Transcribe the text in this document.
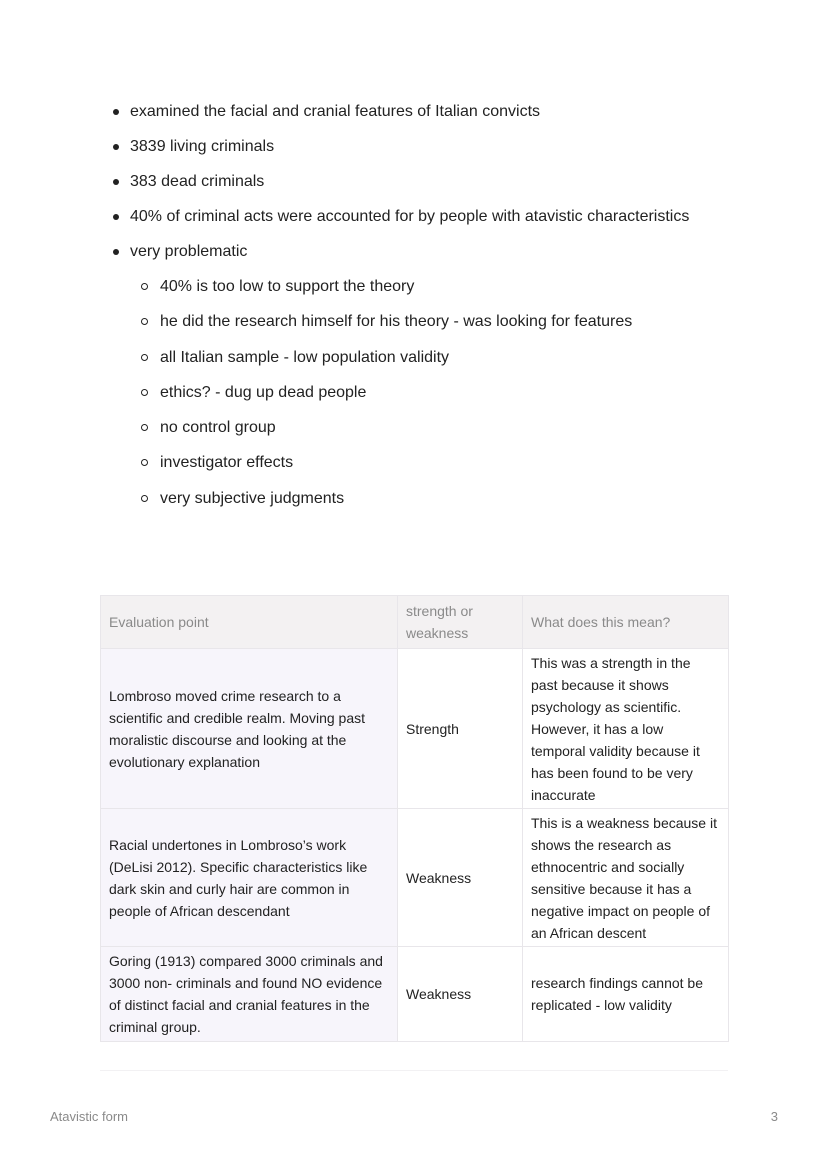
examined the facial and cranial features of Italian convicts
3839 living criminals
383 dead criminals
40% of criminal acts were accounted for by people with atavistic characteristics
very problematic
40% is too low to support the theory
he did the research himself for his theory - was looking for features
all Italian sample - low population validity
ethics? - dug up dead people
no control group
investigator effects
very subjective judgments
Evaluation point	strength or weakness	What does this mean?
Lombroso moved crime research to a scientific and credible realm. Moving past moralistic discourse and looking at the evolutionary explanation	Strength	This was a strength in the past because it shows psychology as scientific. However, it has a low temporal validity because it has been found to be very inaccurate
Racial undertones in Lombroso’s work (DeLisi 2012). Specific characteristics like dark skin and curly hair are common in people of African descendant	Weakness	This is a weakness because it shows the research as ethnocentric and socially sensitive because it has a negative impact on people of an African descent
Goring (1913) compared 3000 criminals and 3000 non- criminals and found NO evidence of distinct facial and cranial features in the criminal group.	Weakness	research findings cannot be replicated - low validity
Atavistic form	3
